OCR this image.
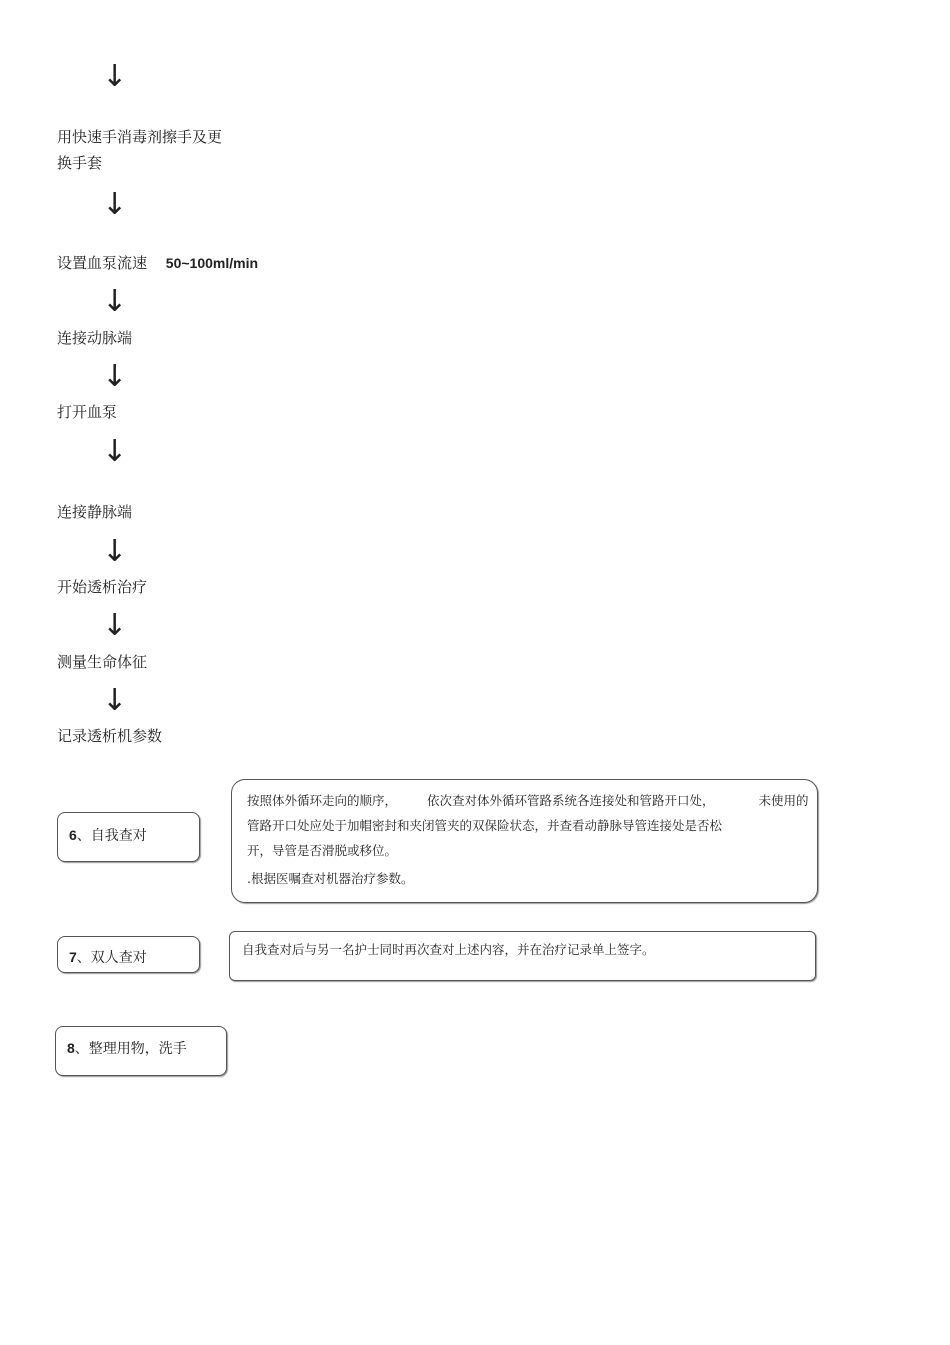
↓
↓
↓
↓
↓
↓
↓
↓
用快速手消毒剂擦手及更
换手套
设置血泵流速 50~100ml/min
连接动脉端
打开血泵
连接静脉端
开始透析治疗
测量生命体征
记录透析机参数
6、自我查对
按照体外循环走向的顺序， 依次查对体外循环管路系统各连接处和管路开口处，	未使用的
管路开口处应处于加帽密封和夹闭管夹的双保险状态，并查看动静脉导管连接处是否松
开，导管是否滑脱或移位。
.根据医嘱查对机器治疗参数。
7、双人查对
自我查对后与另一名护士同时再次查对上述内容，并在治疗记录单上签字。
8、整理用物，洗手
